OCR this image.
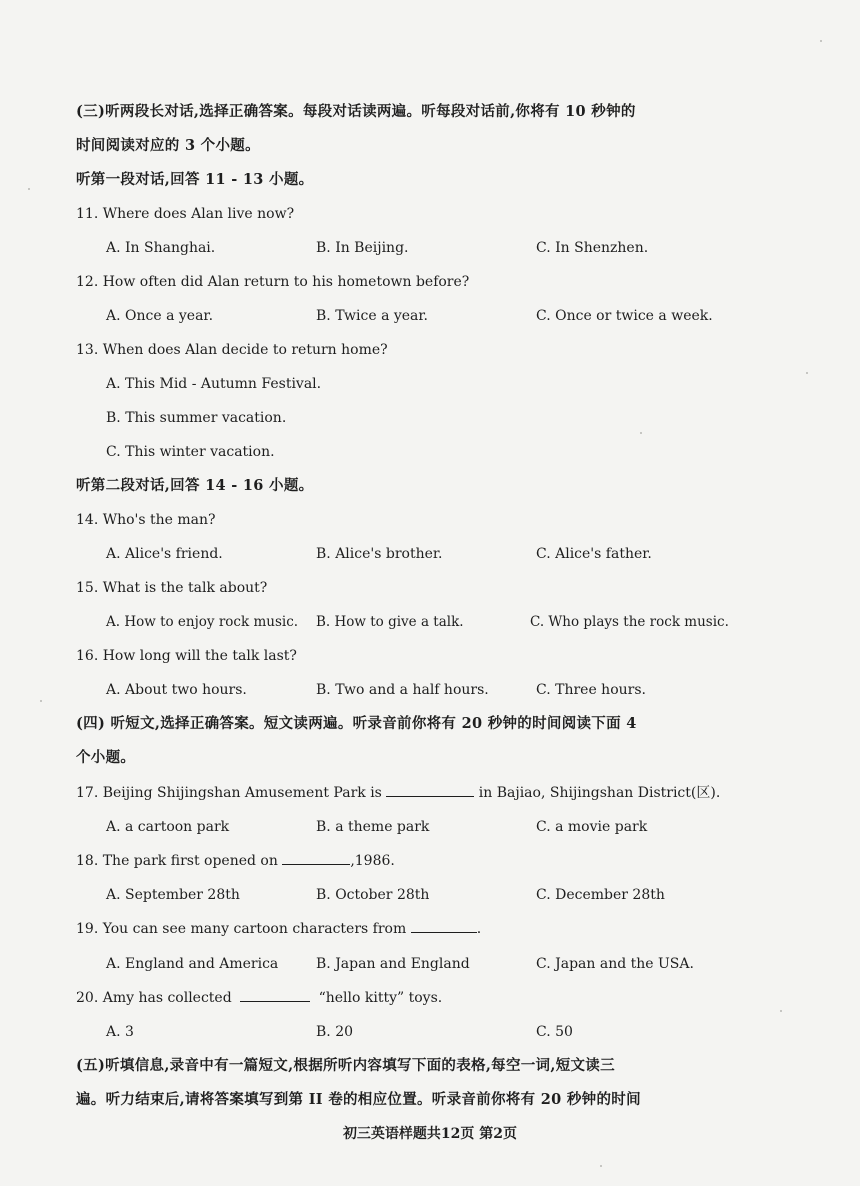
(三)听两段长对话,选择正确答案。每段对话读两遍。听每段对话前,你将有 10 秒钟的
时间阅读对应的 3 个小题。
听第一段对话,回答 11 - 13 小题。
11. Where does Alan live now?
A. In Shanghai.	B. In Beijing.	C. In Shenzhen.
12. How often did Alan return to his hometown before?
A. Once a year.	B. Twice a year.	C. Once or twice a week.
13. When does Alan decide to return home?
A. This Mid - Autumn Festival.
B. This summer vacation.
C. This winter vacation.
听第二段对话,回答 14 - 16 小题。
14. Who's the man?
A. Alice's friend.	B. Alice's brother.	C. Alice's father.
15. What is the talk about?
A. How to enjoy rock music. B. How to give a talk.	C. Who plays the rock music.
16. How long will the talk last?
A. About two hours.	B. Two and a half hours.	C. Three hours.
(四) 听短文,选择正确答案。短文读两遍。听录音前你将有 20 秒钟的时间阅读下面 4
个小题。
17. Beijing Shijingshan Amusement Park is	in Bajiao, Shijingshan District(区).
A. a cartoon park	B. a theme park	C. a movie park
18. The park first opened on	,1986.
A. September 28th	B. October 28th	C. December 28th
19. You can see many cartoon characters from	.
A. England and America	B. Japan and England	C. Japan and the USA.
20. Amy has collected	“hello kitty” toys.
A. 3	B. 20	C. 50
(五)听填信息,录音中有一篇短文,根据所听内容填写下面的表格,每空一词,短文读三
遍。听力结束后,请将答案填写到第 II 卷的相应位置。听录音前你将有 20 秒钟的时间
初三英语样题共12页 第2页
